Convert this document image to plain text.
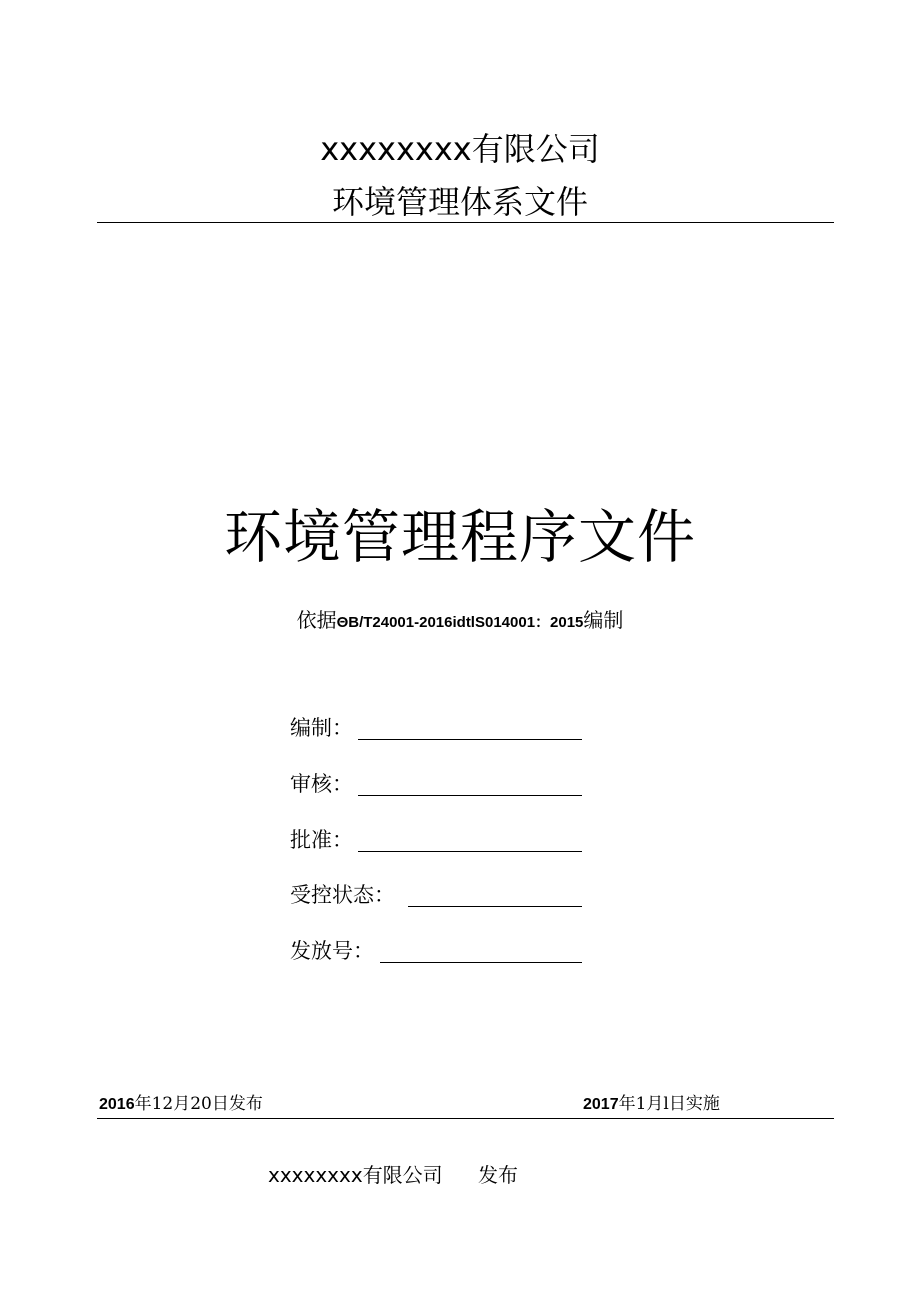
xxxxxxxx有限公司
环境管理体系文件
环境管理程序文件
依据ΘB/T24001-2016idtlS014001：2015编制
编制：
审核：
批准：
受控状态：
发放号：
2016年12月20日发布	2017年1月l日实施
xxxxxxxx有限公司 发布
